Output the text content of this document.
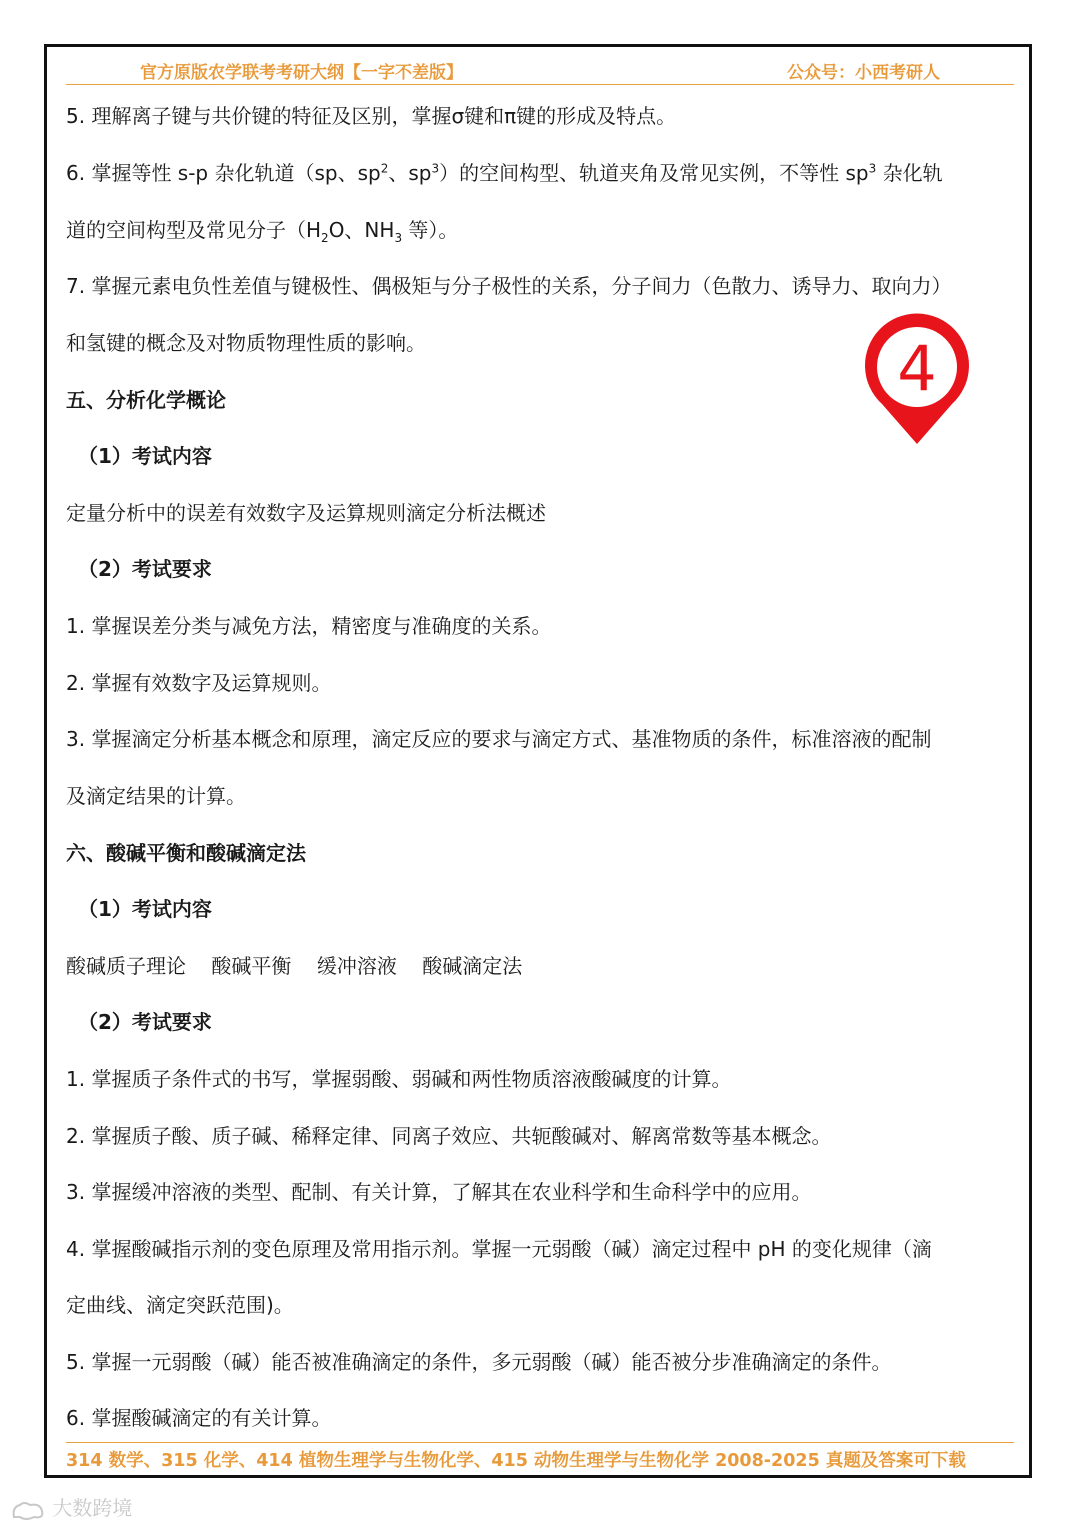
官方原版农学联考考研大纲【一字不差版】	公众号：小西考研人
5. 理解离子键与共价键的特征及区别，掌握σ键和π键的形成及特点。
6. 掌握等性 s-p 杂化轨道（sp、$sp^2$、$sp^3$）的空间构型、轨道夹角及常见实例，不等性 $sp^3$ 杂化轨
道的空间构型及常见分子（$H_2O$、$NH_3$ 等）。
7. 掌握元素电负性差值与键极性、偶极矩与分子极性的关系，分子间力（色散力、诱导力、取向力）
和氢键的概念及对物质物理性质的影响。
五、分析化学概论
（1）考试内容
定量分析中的误差有效数字及运算规则滴定分析法概述
（2）考试要求
1. 掌握误差分类与减免方法，精密度与准确度的关系。
2. 掌握有效数字及运算规则。
3. 掌握滴定分析基本概念和原理，滴定反应的要求与滴定方式、基准物质的条件，标准溶液的配制
及滴定结果的计算。
六、酸碱平衡和酸碱滴定法
（1）考试内容
酸碱质子理论    酸碱平衡    缓冲溶液    酸碱滴定法
（2）考试要求
1. 掌握质子条件式的书写，掌握弱酸、弱碱和两性物质溶液酸碱度的计算。
2. 掌握质子酸、质子碱、稀释定律、同离子效应、共轭酸碱对、解离常数等基本概念。
3. 掌握缓冲溶液的类型、配制、有关计算，了解其在农业科学和生命科学中的应用。
4. 掌握酸碱指示剂的变色原理及常用指示剂。掌握一元弱酸（碱）滴定过程中 pH 的变化规律（滴
定曲线、滴定突跃范围)。
5. 掌握一元弱酸（碱）能否被准确滴定的条件，多元弱酸（碱）能否被分步准确滴定的条件。
6. 掌握酸碱滴定的有关计算。
4
314 数学、315 化学、414 植物生理学与生物化学、415 动物生理学与生物化学 2008-2025 真题及答案可下载
大数跨境
